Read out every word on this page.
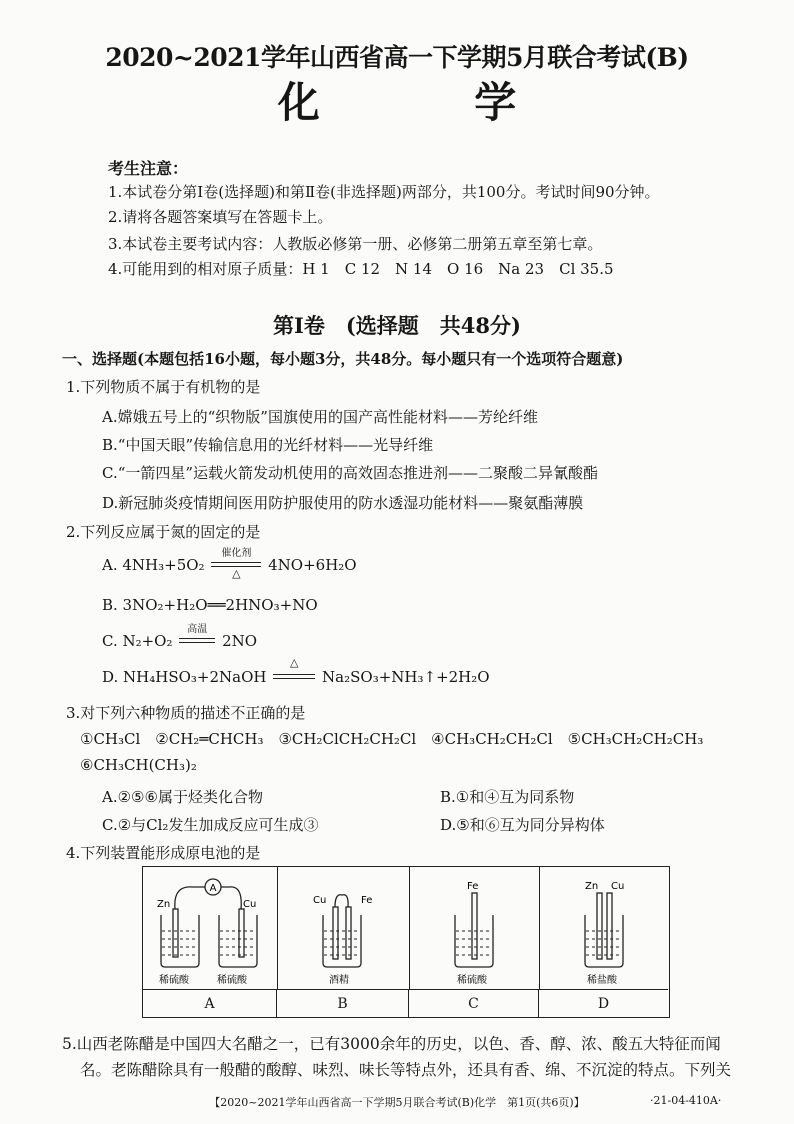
2020~2021学年山西省高一下学期5月联合考试(B)
化 学
考生注意：
1.本试卷分第Ⅰ卷(选择题)和第Ⅱ卷(非选择题)两部分，共100分。考试时间90分钟。
2.请将各题答案填写在答题卡上。
3.本试卷主要考试内容：人教版必修第一册、必修第二册第五章至第七章。
4.可能用到的相对原子质量：H 1　C 12　N 14　O 16　Na 23　Cl 35.5
第Ⅰ卷　(选择题　共48分)
一、选择题(本题包括16小题，每小题3分，共48分。每小题只有一个选项符合题意)
1.下列物质不属于有机物的是
A.嫦娥五号上的“织物版”国旗使用的国产高性能材料——芳纶纤维
B.“中国天眼”传输信息用的光纤材料——光导纤维
C.“一箭四星”运载火箭发动机使用的高效固态推进剂——二聚酸二异氰酸酯
D.新冠肺炎疫情期间医用防护服使用的防水透湿功能材料——聚氨酯薄膜
2.下列反应属于氮的固定的是
A. 4NH₃+5O₂
催化剂
△	4NO+6H₂O
B. 3NO₂+H₂O══2HNO₃+NO
C. N₂+O₂
高温
2NO
D. NH₄HSO₃+2NaOH
△
Na₂SO₃+NH₃↑+2H₂O
3.对下列六种物质的描述不正确的是
①CH₃Cl　②CH₂═CHCH₃　③CH₂ClCH₂CH₂Cl　④CH₃CH₂CH₂Cl　⑤CH₃CH₂CH₂CH₃
⑥CH₃CH(CH₃)₂
A.②⑤⑥属于烃类化合物	B.①和④互为同系物
C.②与Cl₂发生加成反应可生成③	D.⑤和⑥互为同分异构体
4.下列装置能形成原电池的是
A
Zn	Cu
稀硫酸	稀硫酸
Cu	Fe
酒精
Fe
稀硫酸
Zn Cu
稀盐酸
A	B	C	D
5.山西老陈醋是中国四大名醋之一，已有3000余年的历史，以色、香、醇、浓、酸五大特征而闻
名。老陈醋除具有一般醋的酸醇、味烈、味长等特点外，还具有香、绵、不沉淀的特点。下列关
【2020~2021学年山西省高一下学期5月联合考试(B)化学　第1页(共6页)】	·21-04-410A·
